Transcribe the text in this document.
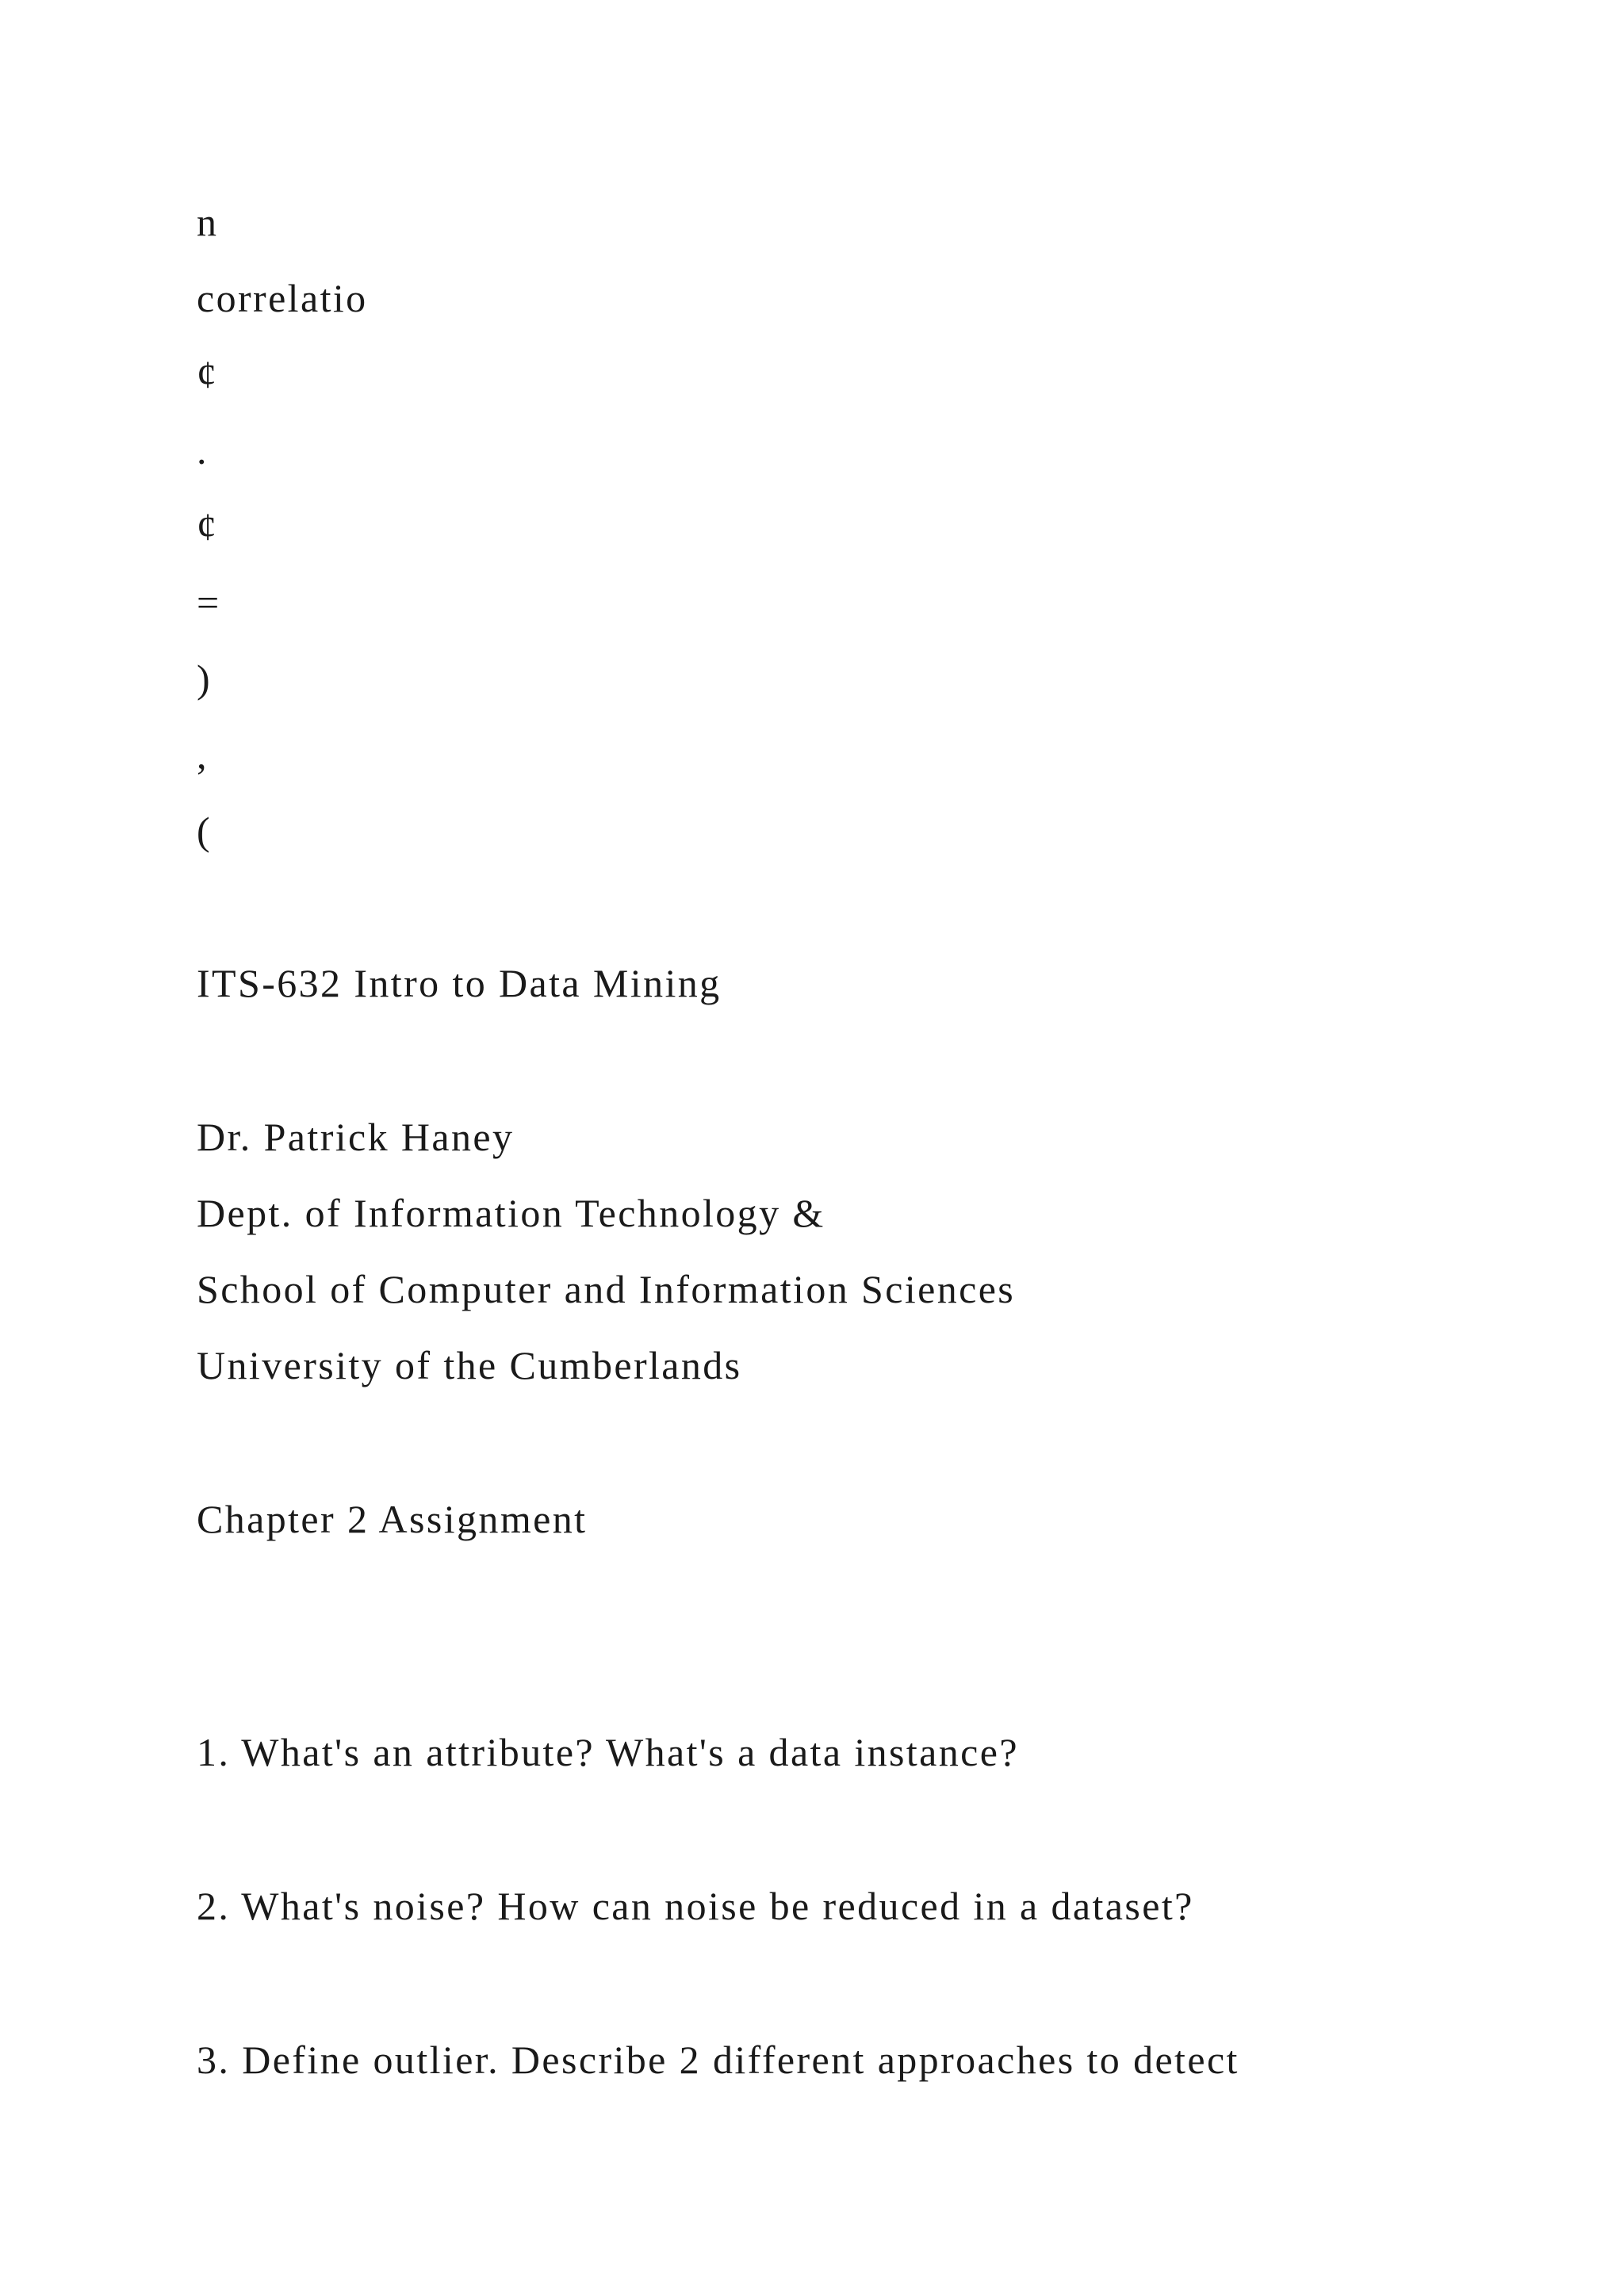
n
correlatio
¢
.
¢
=
)
,
(
ITS-632 Intro to Data Mining
Dr. Patrick Haney
Dept. of Information Technology &
School of Computer and Information Sciences
University of the Cumberlands
Chapter 2 Assignment
1. What's an attribute? What's a data instance?
2. What's noise? How can noise be reduced in a dataset?
3. Define outlier. Describe 2 different approaches to detect
